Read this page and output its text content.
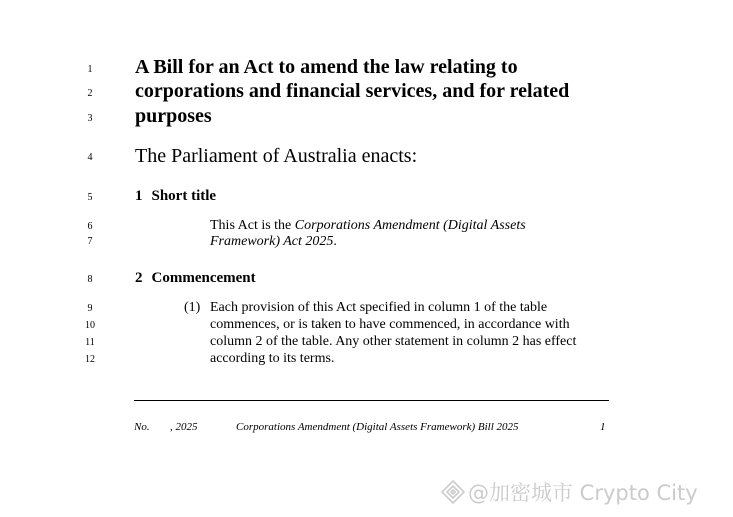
1
2
3
4
5
6
7
8
9
10
11
12
A Bill for an Act to amend the law relating to
corporations and financial services, and for related
purposes
The Parliament of Australia enacts:
1 Short title
This Act is the Corporations Amendment (Digital Assets
Framework) Act 2025.
2 Commencement
(1) Each provision of this Act specified in column 1 of the table
commences, or is taken to have commenced, in accordance with
column 2 of the table. Any other statement in column 2 has effect
according to its terms.
No. , 2025	Corporations Amendment (Digital Assets Framework) Bill 2025	1
@加密城市 Crypto City
